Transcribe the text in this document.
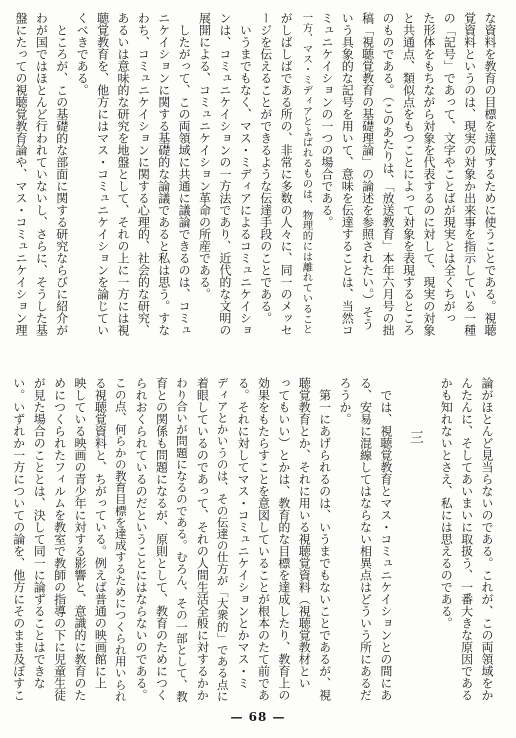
な資料を教育の目標を達成するために使うことである。視聴
覚資料というのは、現実の対象か出来事を指示している一種
の「記号」であって、文字やことばが現実とは全くちがっ
た形体をもちながら対象を代表するのに対して、現実の対象
と共通点、類似点をもつことによって対象を表現するところ
のものである。（このあたりは、「放送教育」本年六月号の拙
稿「視聴覚教育の基礎理論」の論述を参照されたい。）そう
いう具象的な記号を用いて、意味を伝達することは、当然コ
ミュニケイションの一つの場合である。
一方、マス・ミディアとよばれるものは、物理的には離れていること
がしばしばである所の、非常に多数の人々に、同一のメッセ
ージを伝えることができるような伝達手段のことである。
いうまでもなく、マス・ミディアによるコミュニケイショ
ンは、コミュニケイションの一方法であり、近代的な文明の
展開による、コミュニケイション革命の所産である。
したがって、この両領域に共通に議論できるのは、コミュ
ニケイションに関する基礎的な論議であると私は思う。すな
わち、コミュニケイションに関する心理的、社会的な研究、
あるいは意味的な研究を地盤として、それの上に一方には視
聴覚教育を、他方にはマス・コミュニケイションを論じてい
くべきである。
ところが、この基礎的な部面に関する研究ならびに紹介が
わが国ではほとんど行われていないし、さらに、そうした基
盤にたっての視聴覚教育論や、マス・コミュニケイション理
論がほとんど見当らないのである。これが、この両領域をか
んたんに、そしてあいまいに取扱う、一番大きな原因である
かも知れないとさえ、私には思えるのである。
三
では、視聴覚教育とマス・コミュニケイションとの間にあ
る、安易に混線してはならない相異点はどういう所にあるだ
ろうか。
第一にあげられるのは、いうまでもないことであるが、視
聴覚教育とか、それに用いる視聴覚資料（視聴覚教材とい
ってもいい）とかは、教育的な目標を達成したり、教育上の
効果をもたらすことを意図していることが根本のたて前であ
る。それに対してマス・コミュニケイションとかマス・ミ
ディアとかいうのは、その伝達の仕方が「大衆的」である点に
着眼しているのであって、それの人間生活全般に対するかか
わり合いが問題になるのである。むろん、その一部として、教
育との関係も問題になるが、原則として、教育のためにつく
られおくられているのだということにはならないのである。
この点、何らかの教育目標を達成するためにつくられ用いられ
る視聴覚資料と、ちがっている。例えば普通の映画館に上
映している映画の青少年に対する影響と、意識的に教育のた
めにつくられたフィルムを教室で教師の指導の下に児童生徒
が見た場合のこととは、決して同一に論ずることはできな
い。いずれか一方についての論を、他方にそのまま及ぼすこ
— 68 —
